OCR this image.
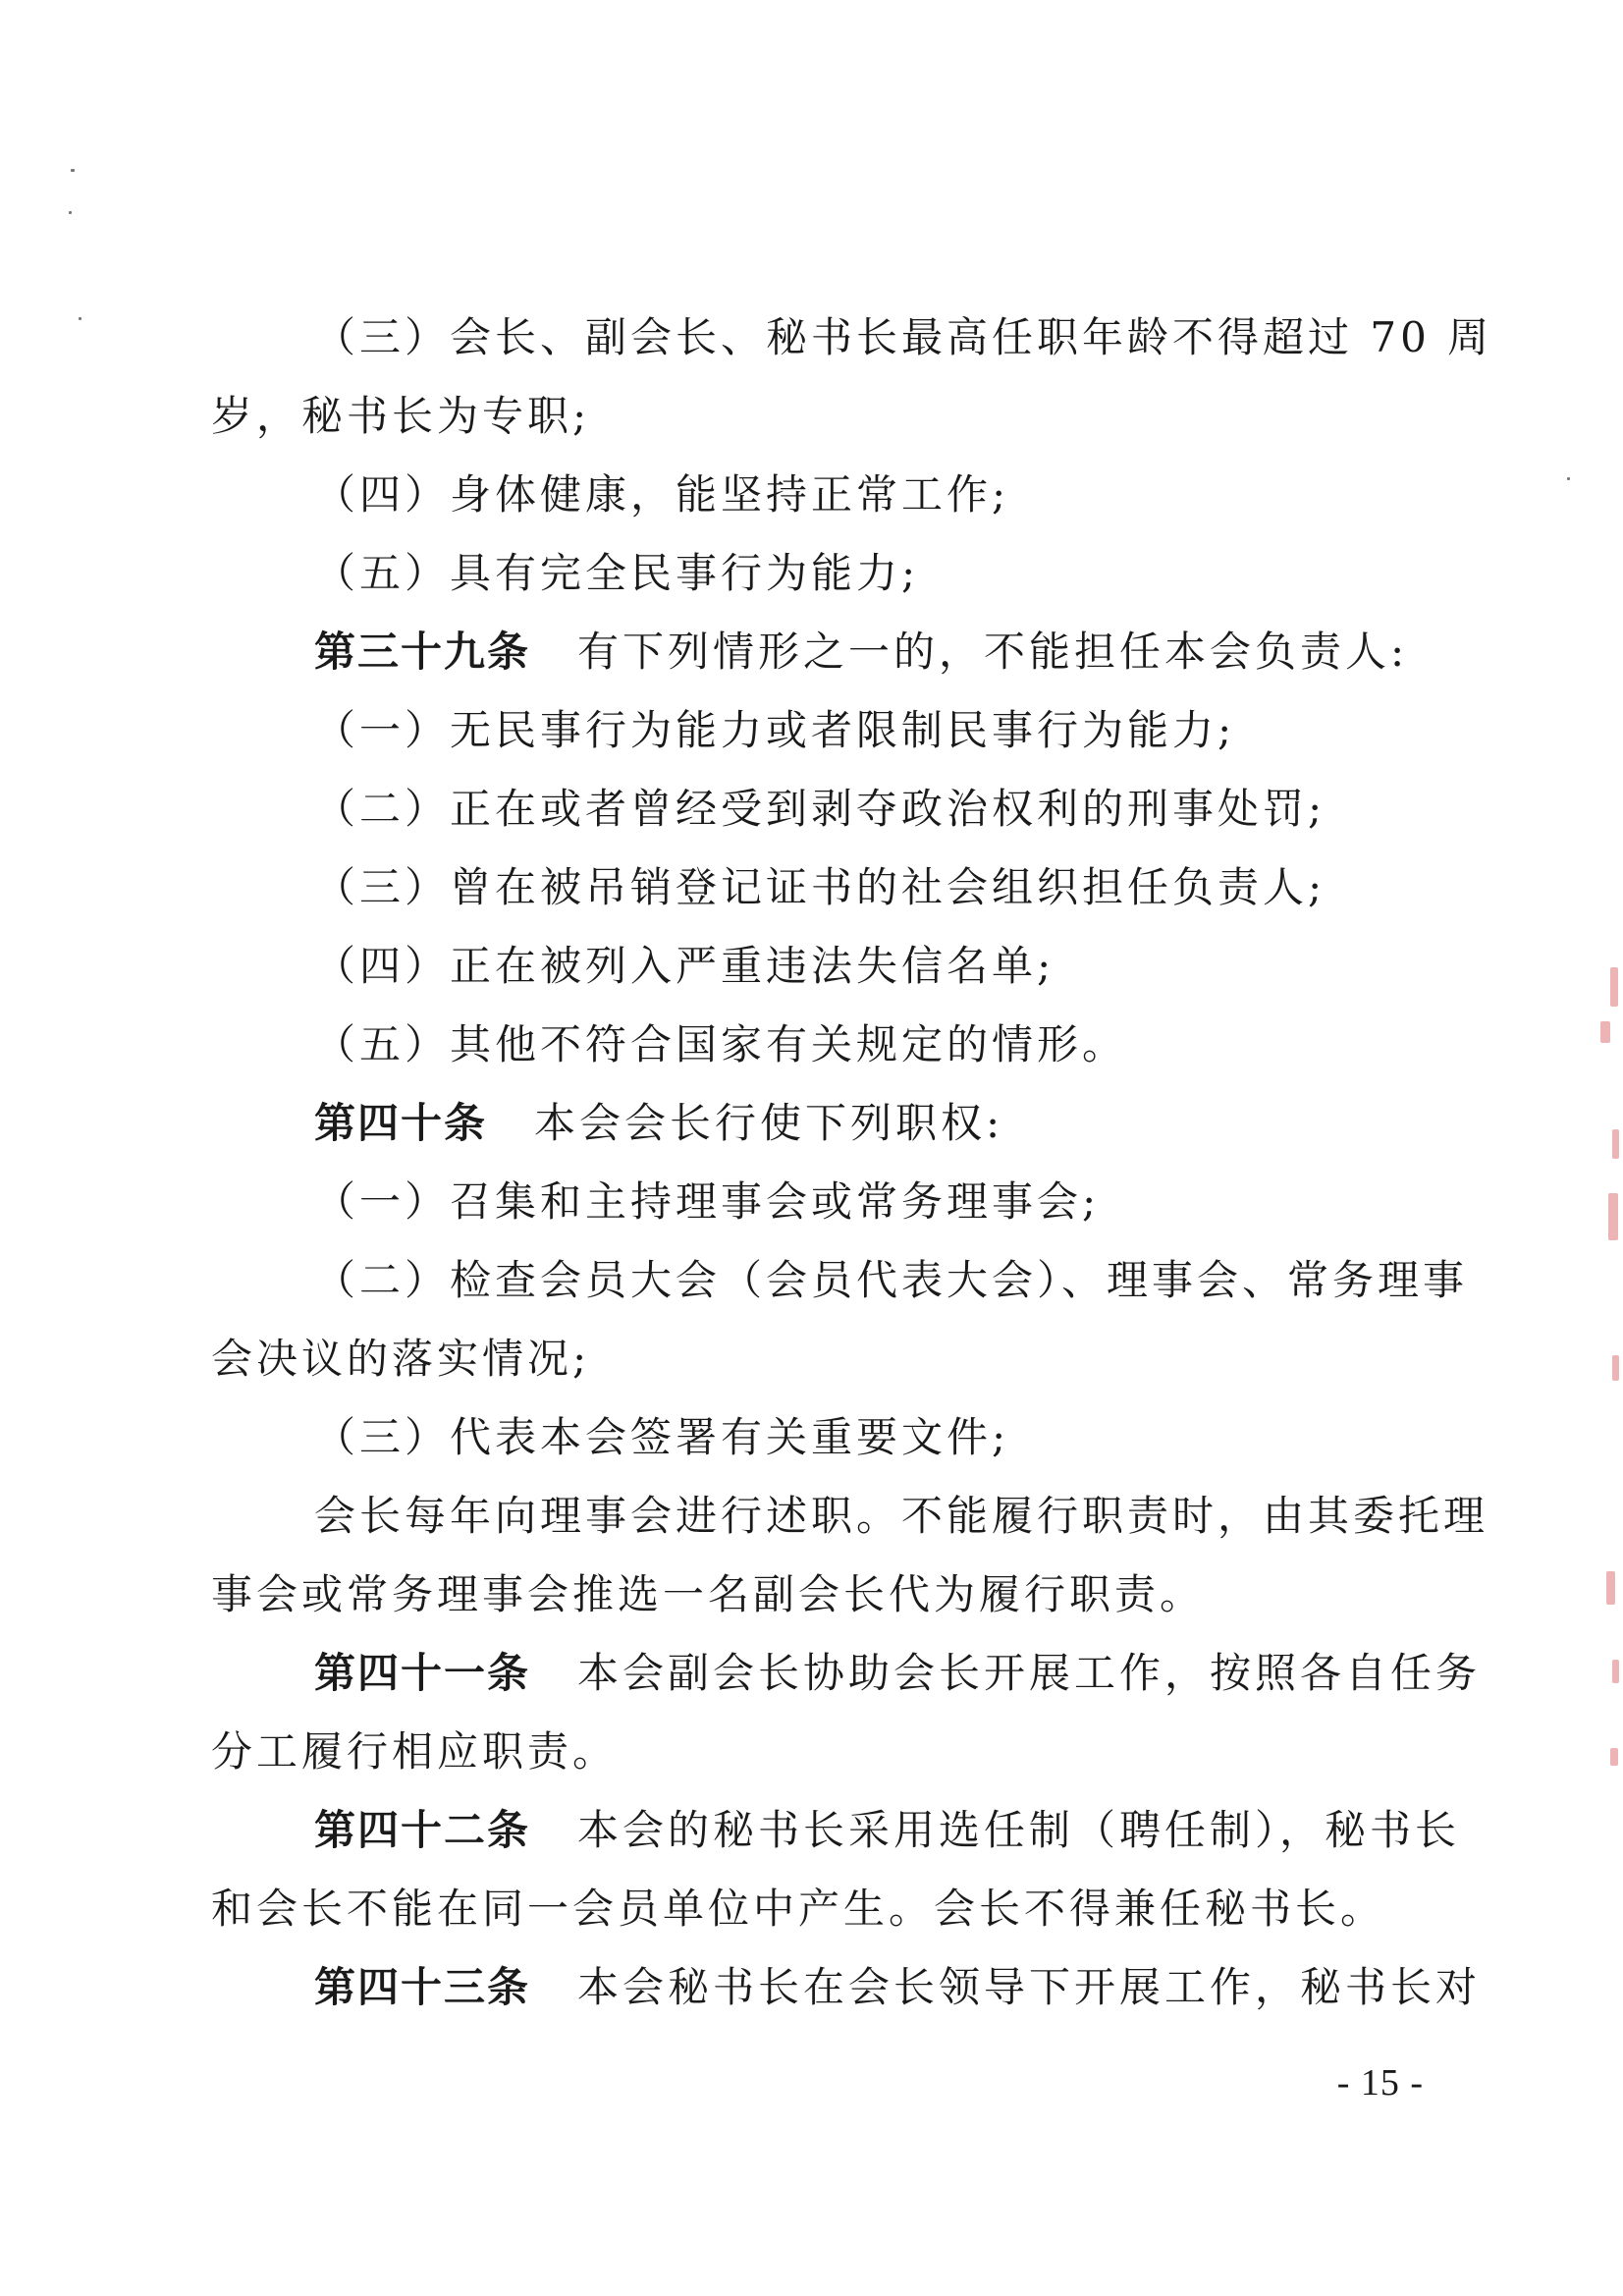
（三）会长、副会长、秘书长最高任职年龄不得超过 70 周
岁，秘书长为专职;
（四）身体健康，能坚持正常工作;
（五）具有完全民事行为能力;
第三十九条 有下列情形之一的，不能担任本会负责人:
（一）无民事行为能力或者限制民事行为能力;
（二）正在或者曾经受到剥夺政治权利的刑事处罚;
（三）曾在被吊销登记证书的社会组织担任负责人;
（四）正在被列入严重违法失信名单;
（五）其他不符合国家有关规定的情形。
第四十条 本会会长行使下列职权:
（一）召集和主持理事会或常务理事会;
（二）检查会员大会（会员代表大会）、理事会、常务理事
会决议的落实情况;
（三）代表本会签署有关重要文件;
会长每年向理事会进行述职。不能履行职责时，由其委托理
事会或常务理事会推选一名副会长代为履行职责。
第四十一条 本会副会长协助会长开展工作，按照各自任务
分工履行相应职责。
第四十二条 本会的秘书长采用选任制（聘任制），秘书长
和会长不能在同一会员单位中产生。会长不得兼任秘书长。
第四十三条 本会秘书长在会长领导下开展工作，秘书长对
- 15 -
